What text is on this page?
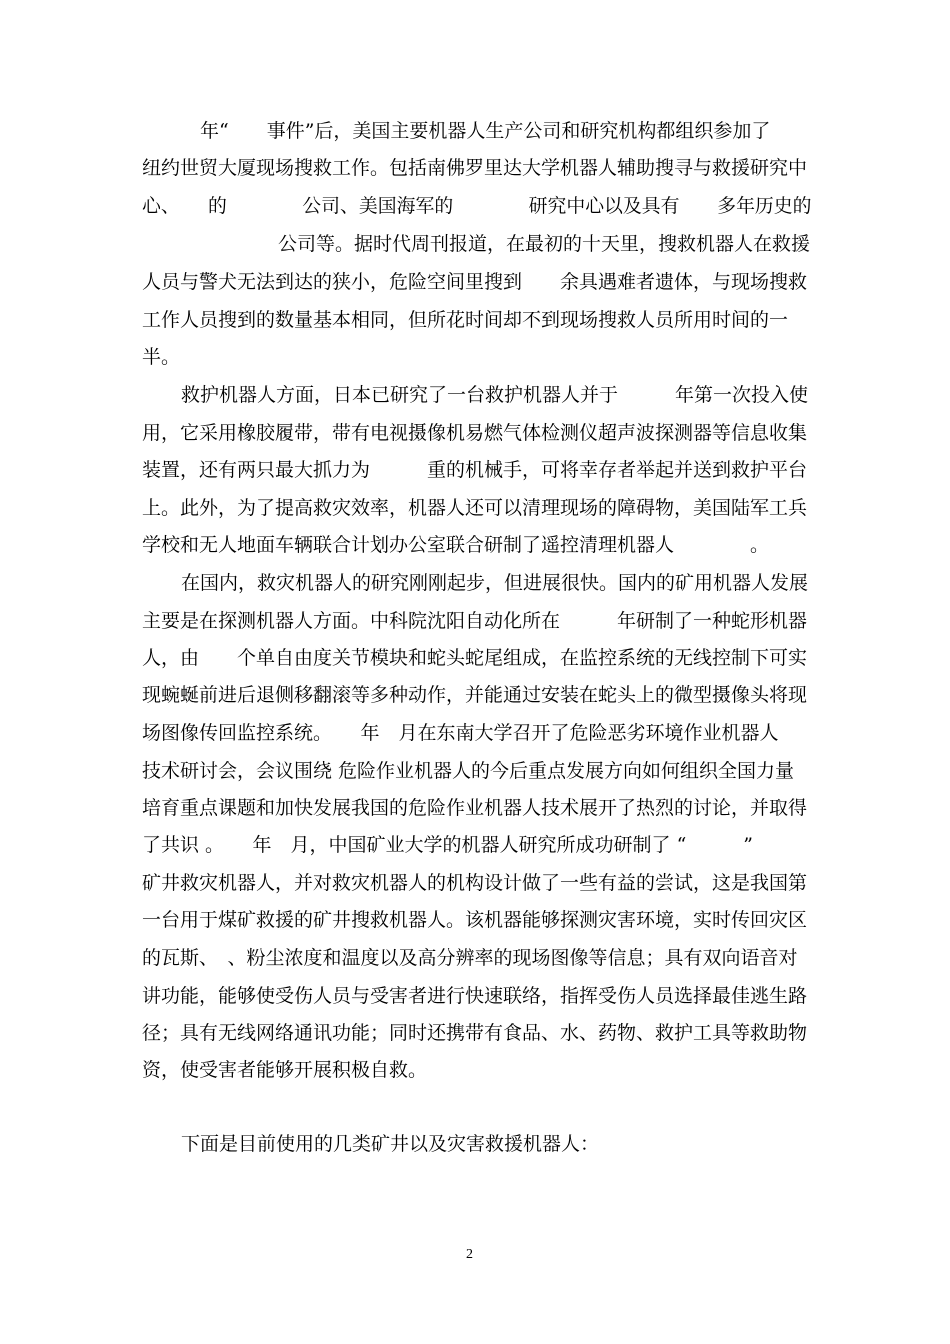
年“　　事件”后，美国主要机器人生产公司和研究机构都组织参加了
纽约世贸大厦现场搜救工作。包括南佛罗里达大学机器人辅助搜寻与救援研究中
心、　　的　　　　公司、美国海军的　　　　研究中心以及具有　　多年历史的
公司等。据时代周刊报道，在最初的十天里，搜救机器人在救援
人员与警犬无法到达的狭小，危险空间里搜到　　余具遇难者遗体，与现场搜救
工作人员搜到的数量基本相同，但所花时间却不到现场搜救人员所用时间的一
半。
救护机器人方面，日本已研究了一台救护机器人并于　　　年第一次投入使
用，它采用橡胶履带，带有电视摄像机易燃气体检测仪超声波探测器等信息收集
装置，还有两只最大抓力为　　　重的机械手，可将幸存者举起并送到救护平台
上。此外，为了提高救灾效率，机器人还可以清理现场的障碍物，美国陆军工兵
学校和无人地面车辆联合计划办公室联合研制了遥控清理机器人　　　　。
在国内，救灾机器人的研究刚刚起步，但进展很快。国内的矿用机器人发展
主要是在探测机器人方面。中科院沈阳自动化所在　　　年研制了一种蛇形机器
人，由　　个单自由度关节模块和蛇头蛇尾组成，在监控系统的无线控制下可实
现蜿蜒前进后退侧移翻滚等多种动作，并能通过安装在蛇头上的微型摄像头将现
场图像传回监控系统。　　年　月在东南大学召开了危险恶劣环境作业机器人
技术研讨会，会议围绕 危险作业机器人的今后重点发展方向如何组织全国力量
培育重点课题和加快发展我国的危险作业机器人技术展开了热烈的讨论，并取得
了共识 。　　年　月，中国矿业大学的机器人研究所成功研制了 “　　　”
矿井救灾机器人，并对救灾机器人的机构设计做了一些有益的尝试，这是我国第
一台用于煤矿救援的矿井搜救机器人。该机器能够探测灾害环境，实时传回灾区
的瓦斯、　、粉尘浓度和温度以及高分辨率的现场图像等信息；具有双向语音对
讲功能，能够使受伤人员与受害者进行快速联络，指挥受伤人员选择最佳逃生路
径；具有无线网络通讯功能；同时还携带有食品、水、药物、救护工具等救助物
资，使受害者能够开展积极自救。
下面是目前使用的几类矿井以及灾害救援机器人：
2
